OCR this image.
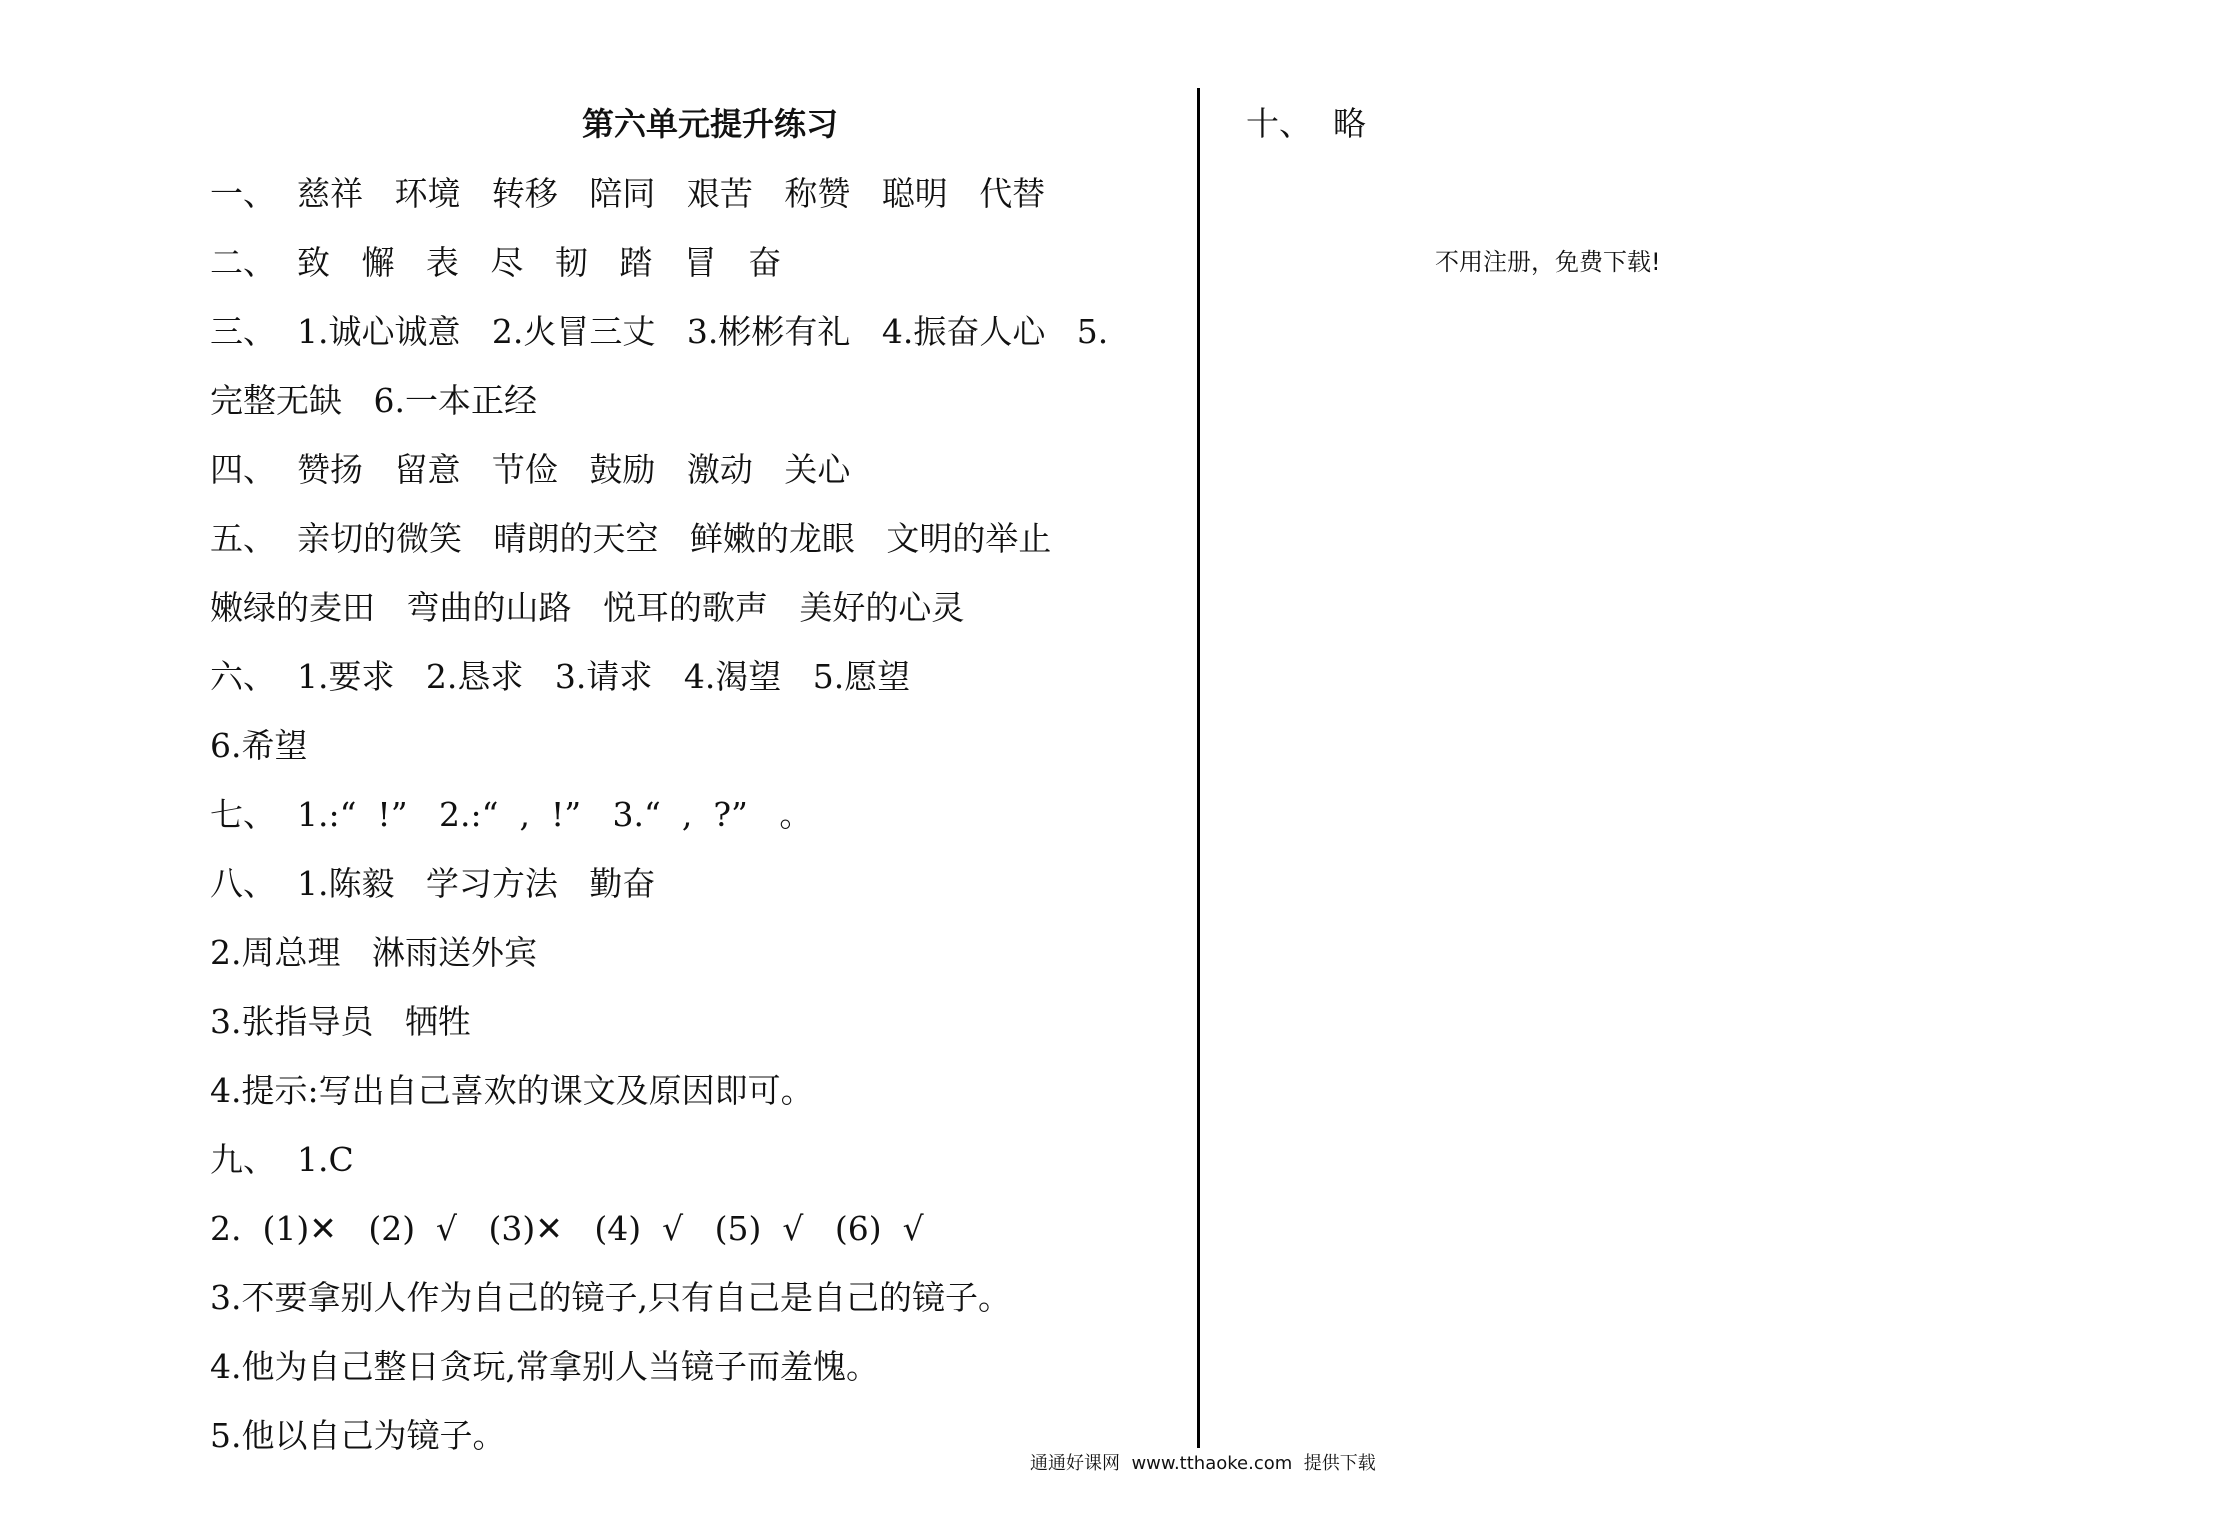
第六单元提升练习

一、  慈祥   环境   转移   陪同   艰苦   称赞   聪明   代替

二、  致   懈   表   尽   韧   踏   冒   奋

三、  1.诚心诚意   2.火冒三丈   3.彬彬有礼   4.振奋人心   5.

完整无缺   6.一本正经

四、  赞扬   留意   节俭   鼓励   激动   关心

五、  亲切的微笑   晴朗的天空   鲜嫩的龙眼   文明的举止

嫩绿的麦田   弯曲的山路   悦耳的歌声   美好的心灵

六、  1.要求   2.恳求   3.请求   4.渴望   5.愿望

6.希望

七、  1.:“  !”   2.:“  ,  !”   3.“  ,  ?”   。

八、  1.陈毅   学习方法   勤奋

2.周总理   淋雨送外宾

3.张指导员   牺牲

4.提示:写出自己喜欢的课文及原因即可。

九、  1.C

2.  (1)✕   (2)  √   (3)✕   (4)  √   (5)  √   (6)  √

3.不要拿别人作为自己的镜子,只有自己是自己的镜子。

4.他为自己整日贪玩,常拿别人当镜子而羞愧。

5.他以自己为镜子。

十、  略

不用注册，免费下载!

通通好课网  www.tthaoke.com  提供下载
